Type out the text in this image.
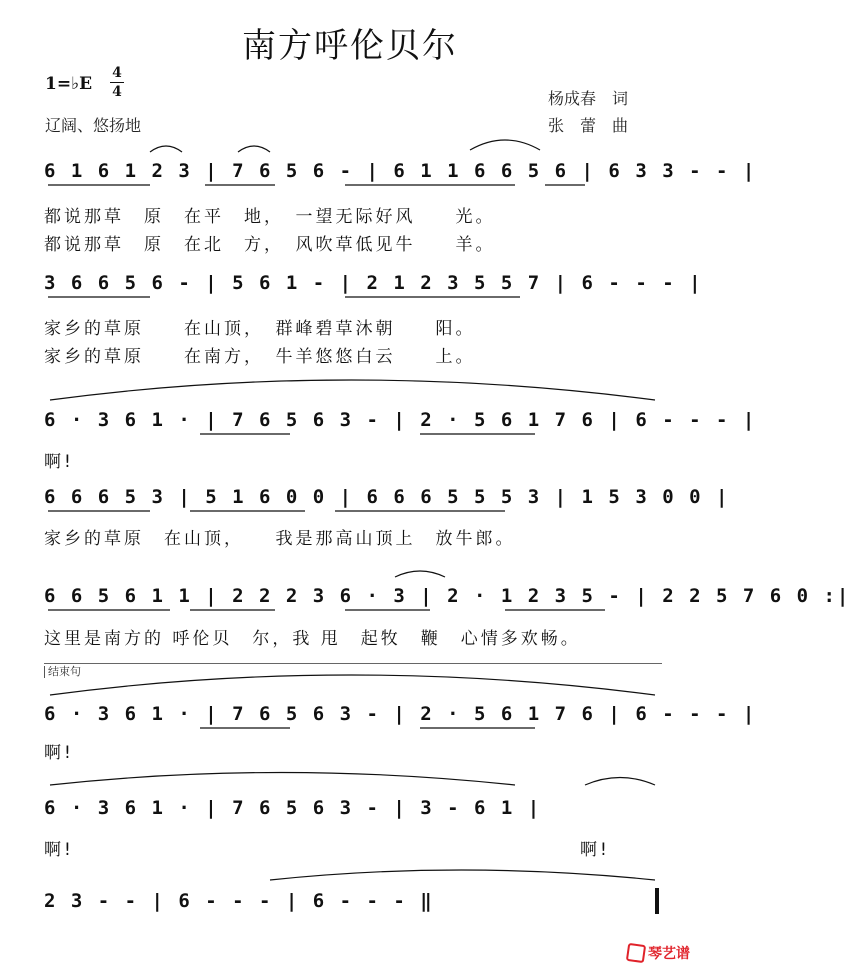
南方呼伦贝尔
1=♭E
4
4
辽阔、悠扬地
杨成春　词
张　蕾　曲
6 1 6 1 2 3 | 7 6 5 6 - | 6 1 1 6 6 5 6 | 6 3 3 - - |
都说那草　原　在平　地，　一望无际好风　　光。
都说那草　原　在北　方，　风吹草低见牛　　羊。
3 6 6 5 6 - | 5 6 1 - | 2 1 2 3 5 5 7 | 6 - - - |
家乡的草原　　在山顶，　群峰碧草沐朝　　阳。
家乡的草原　　在南方，　牛羊悠悠白云　　上。
6 · 3 6 1 · | 7 6 5 6 3 - | 2 · 5 6 1 7 6 | 6 - - - |
啊!
6 6 6 5 3 | 5 1 6 0 0 | 6 6 6 5 5 5 3 | 1 5 3 0 0 |
家乡的草原　在山顶，　　我是那高山顶上　放牛郎。
6 6 5 6 1 1 | 2 2 2 3 6 · 3 | 2 · 1 2 3 5 - | 2 2 5 7 6 0 :|
这里是南方的 呼伦贝　尔，我 甩　起牧　鞭　心情多欢畅。
结束句
6 · 3 6 1 · | 7 6 5 6 3 - | 2 · 5 6 1 7 6 | 6 - - - |
啊!
6 · 3 6 1 · | 7 6 5 6 3 - | 3 - 6 1 |
啊!	啊!
2 3 - - | 6 - - - | 6 - - - ‖
琴艺谱
